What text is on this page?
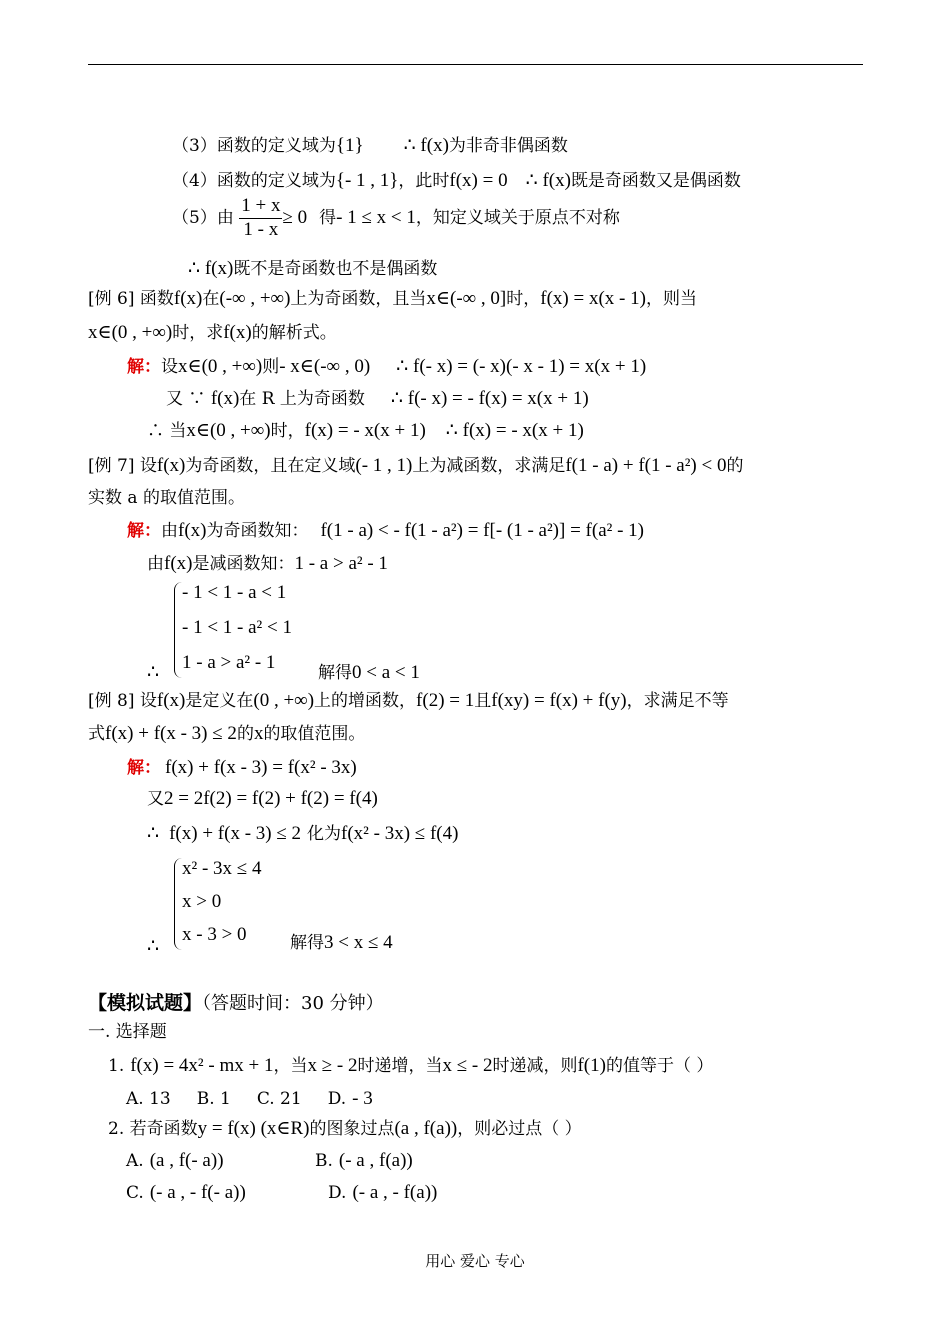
（3）函数的定义域为{1} ∴ f(x)为非奇非偶函数
（4）函数的定义域为{- 1 , 1}，此时f(x) = 0 ∴ f(x)既是奇函数又是偶函数
（5）由 $\frac{1 + x}{1 - x} \ge 0$ 得- 1 ≤ x < 1，知定义域关于原点不对称
∴ f(x)既不是奇函数也不是偶函数
[例 6] 函数f(x)在(-∞ , +∞)上为奇函数，且当x∈(-∞ , 0]时，f(x) = x(x - 1)，则当
x∈(0 , +∞)时，求f(x)的解析式。
解：设x∈(0 , +∞)则- x∈(-∞ , 0) ∴ f(- x) = (- x)(- x - 1) = x(x + 1)
又 ∵ f(x)在 R 上为奇函数 ∴ f(- x) = - f(x) = x(x + 1)
∴ 当x∈(0 , +∞)时，f(x) = - x(x + 1) ∴ f(x) = - x(x + 1)
[例 7] 设f(x)为奇函数，且在定义域(- 1 , 1)上为减函数，求满足f(1 - a) + f(1 - a²) < 0的
实数 a 的取值范围。
解：由f(x)为奇函数知： f(1 - a) < - f(1 - a²) = f[- (1 - a²)] = f(a² - 1)
由f(x)是减函数知：1 - a > a² - 1
- 1 < 1 - a < 1
- 1 < 1 - a² < 1
1 - a > a² - 1
∴	解得0 < a < 1
[例 8] 设f(x)是定义在(0 , +∞)上的增函数，f(2) = 1且f(xy) = f(x) + f(y)，求满足不等
式f(x) + f(x - 3) ≤ 2的x的取值范围。
解： f(x) + f(x - 3) = f(x² - 3x)
又2 = 2f(2) = f(2) + f(2) = f(4)
∴ f(x) + f(x - 3) ≤ 2 化为f(x² - 3x) ≤ f(4)
x² - 3x ≤ 4
x > 0
x - 3 > 0
∴	解得3 < x ≤ 4
【模拟试题】（答题时间：30 分钟）
一. 选择题
1. f(x) = 4x² - mx + 1，当x ≥ - 2时递增，当x ≤ - 2时递减，则f(1)的值等于（ ）
A. 13 B. 1 C. 21 D. - 3
2. 若奇函数y = f(x) (x∈R)的图象过点(a , f(a))，则必过点（ ）
A. (a , f(- a))	B. (- a , f(a))
C. (- a , - f(- a))	D. (- a , - f(a))
用心 爱心 专心
